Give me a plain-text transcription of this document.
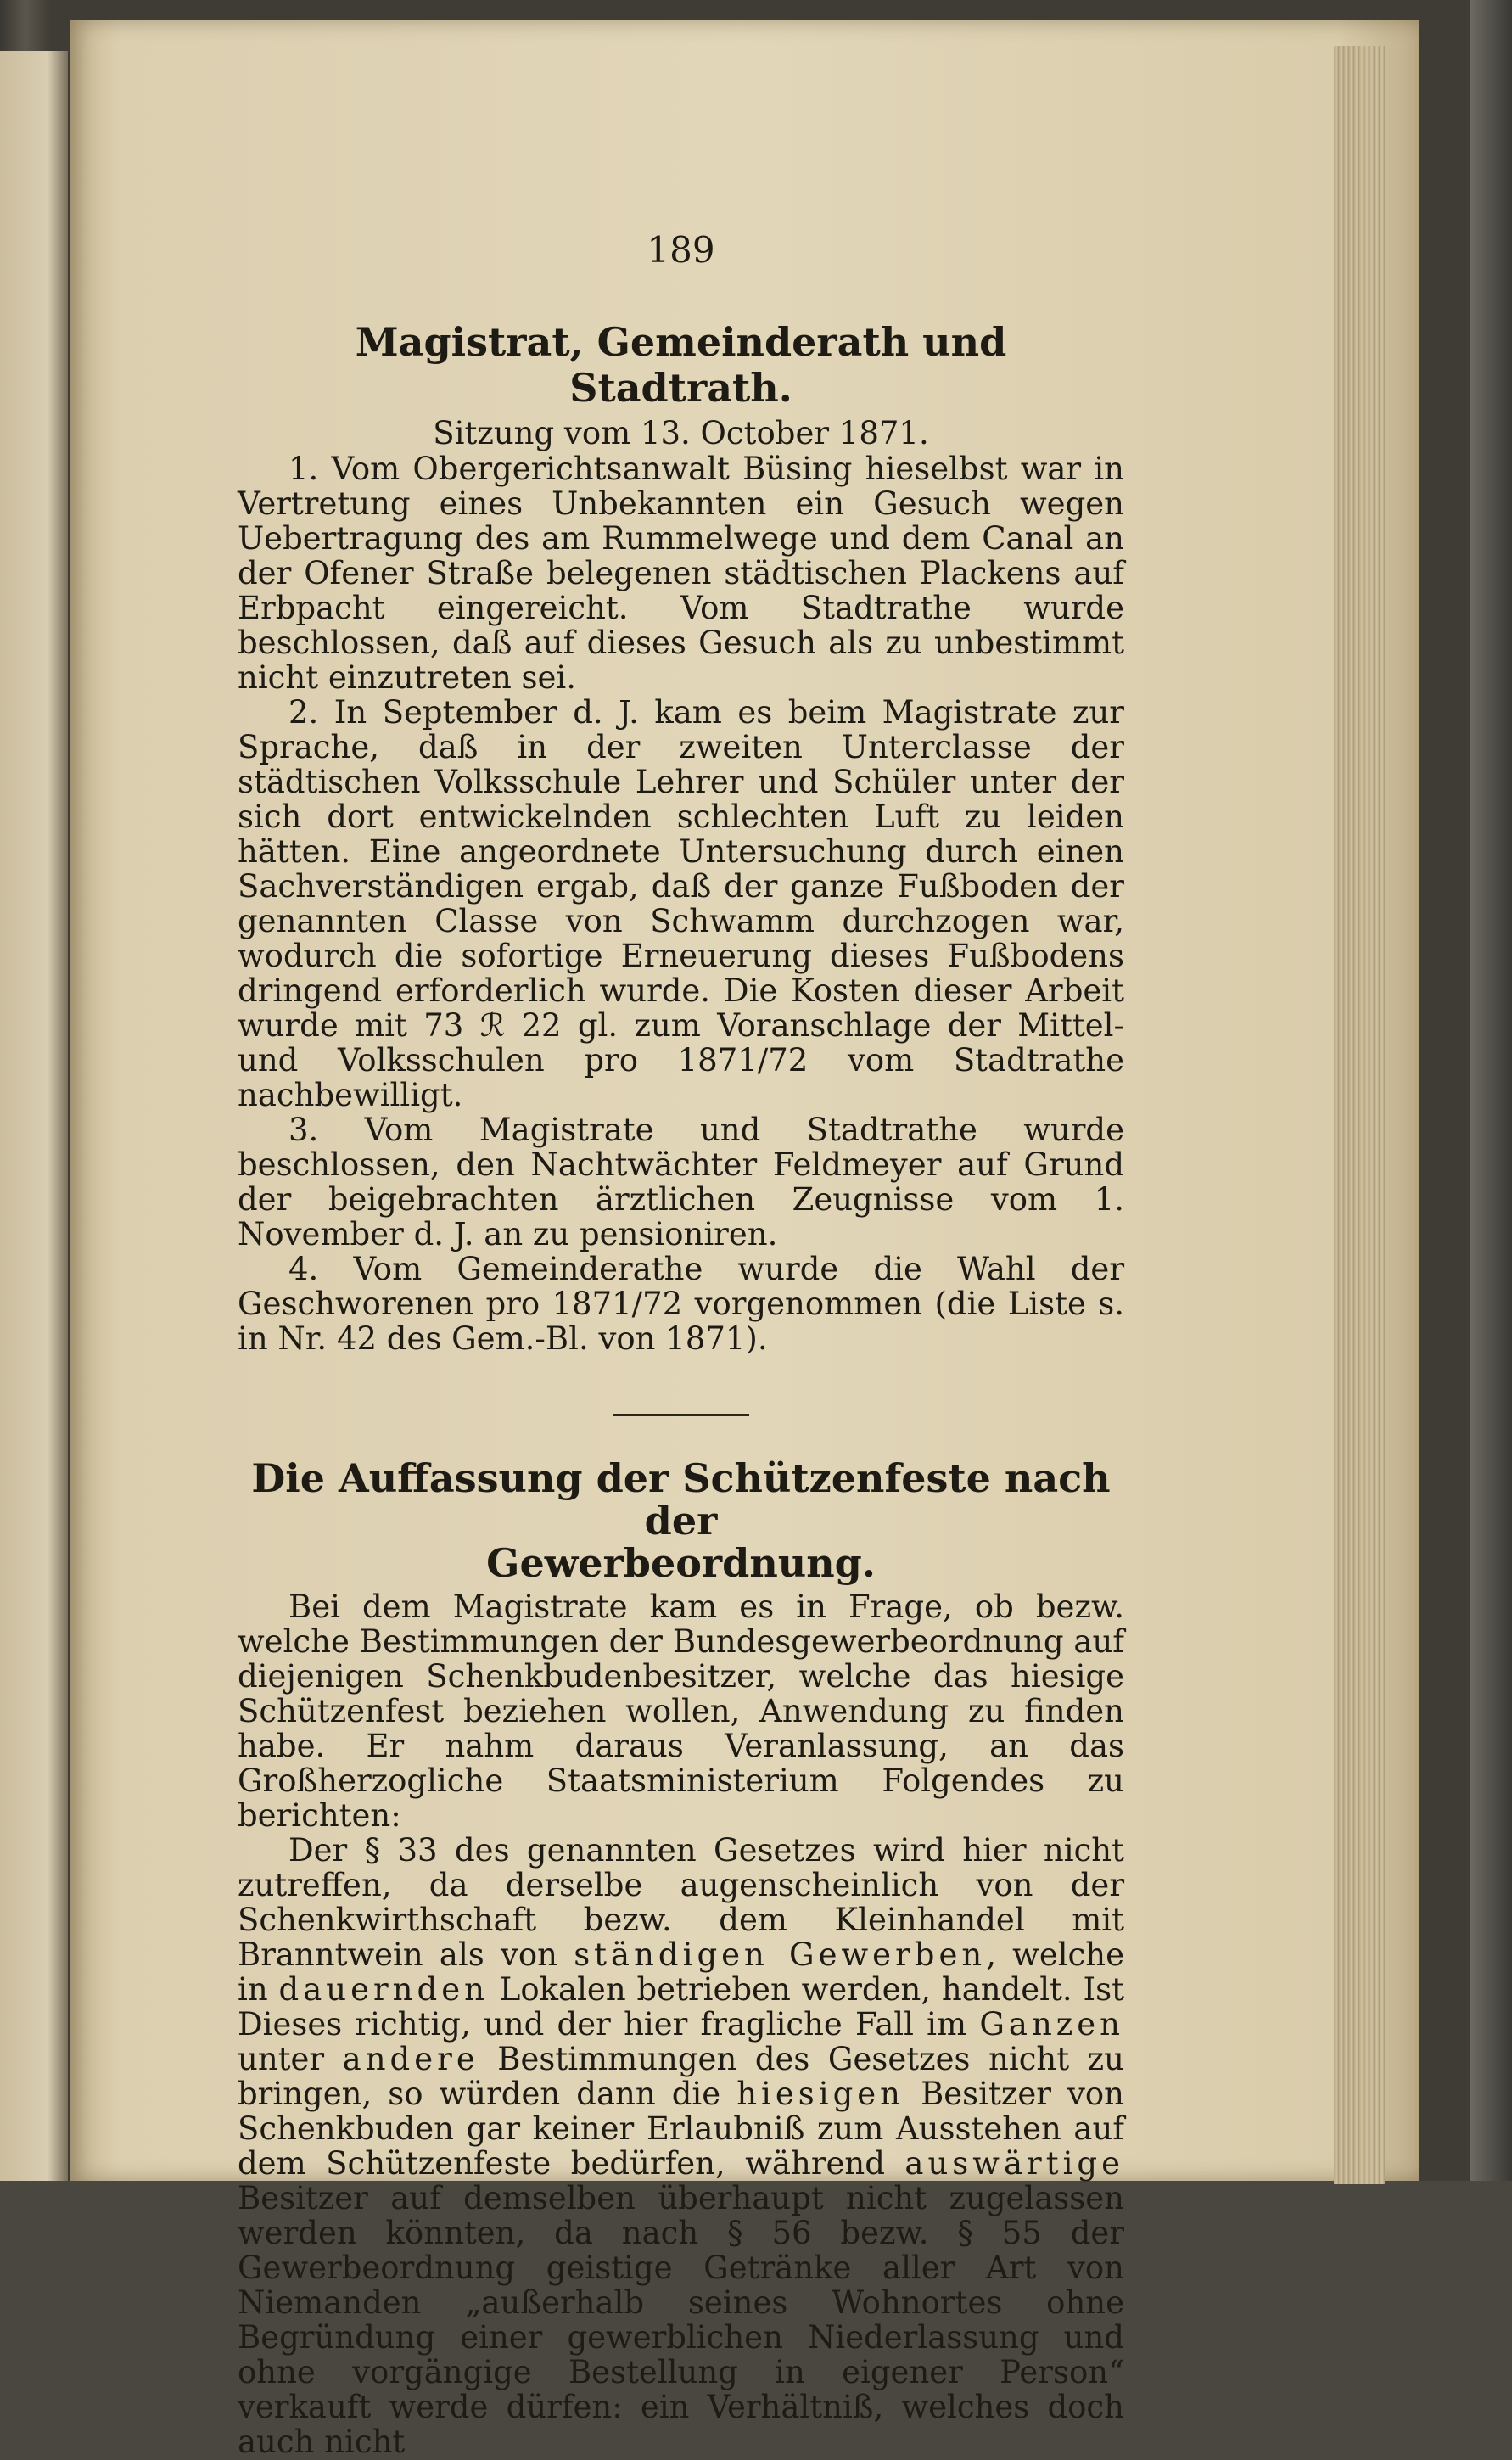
189
Magistrat, Gemeinderath und Stadtrath.
Sitzung vom 13. October 1871.

1. Vom Obergerichtsanwalt Büsing hieselbst war in Vertretung eines Unbekannten ein Gesuch wegen Uebertragung des am Rummelwege und dem Canal an der Ofener Straße belegenen städtischen Plackens auf Erbpacht eingereicht. Vom Stadtrathe wurde beschlossen, daß auf dieses Gesuch als zu unbestimmt nicht einzutreten sei.

2. In September d. J. kam es beim Magistrate zur Sprache, daß in der zweiten Unterclasse der städtischen Volksschule Lehrer und Schüler unter der sich dort entwickelnden schlechten Luft zu leiden hätten. Eine angeordnete Untersuchung durch einen Sachverständigen ergab, daß der ganze Fußboden der genannten Classe von Schwamm durchzogen war, wodurch die sofortige Erneuerung dieses Fußbodens dringend erforderlich wurde. Die Kosten dieser Arbeit wurde mit 73 ℛ 22 gl. zum Voranschlage der Mittel- und Volksschulen pro 1871/72 vom Stadtrathe nachbewilligt.

3. Vom Magistrate und Stadtrathe wurde beschlossen, den Nachtwächter Feldmeyer auf Grund der beigebrachten ärztlichen Zeugnisse vom 1. November d. J. an zu pensioniren.

4. Vom Gemeinderathe wurde die Wahl der Geschworenen pro 1871/72 vorgenommen (die Liste s. in Nr. 42 des Gem.-Bl. von 1871).

Die Auffassung der Schützenfeste nach der
Gewerbeordnung.

Bei dem Magistrate kam es in Frage, ob bezw. welche Bestimmungen der Bundesgewerbeordnung auf diejenigen Schenkbudenbesitzer, welche das hiesige Schützenfest beziehen wollen, Anwendung zu finden habe. Er nahm daraus Veranlassung, an das Großherzogliche Staatsministerium Folgendes zu berichten:

Der § 33 des genannten Gesetzes wird hier nicht zutreffen, da derselbe augenscheinlich von der Schenkwirthschaft bezw. dem Kleinhandel mit Branntwein als von ständigen Gewerben, welche in dauernden Lokalen betrieben werden, handelt. Ist Dieses richtig, und der hier fragliche Fall im Ganzen unter andere Bestimmungen des Gesetzes nicht zu bringen, so würden dann die hiesigen Besitzer von Schenkbuden gar keiner Erlaubniß zum Ausstehen auf dem Schützenfeste bedürfen, während auswärtige Besitzer auf demselben überhaupt nicht zugelassen werden könnten, da nach § 56 bezw. § 55 der Gewerbeordnung geistige Getränke aller Art von Niemanden „außerhalb seines Wohnortes ohne Begründung einer gewerblichen Niederlassung und ohne vorgängige Bestellung in eigener Person“ verkauft werde dürfen: ein Verhältniß, welches doch auch nicht
